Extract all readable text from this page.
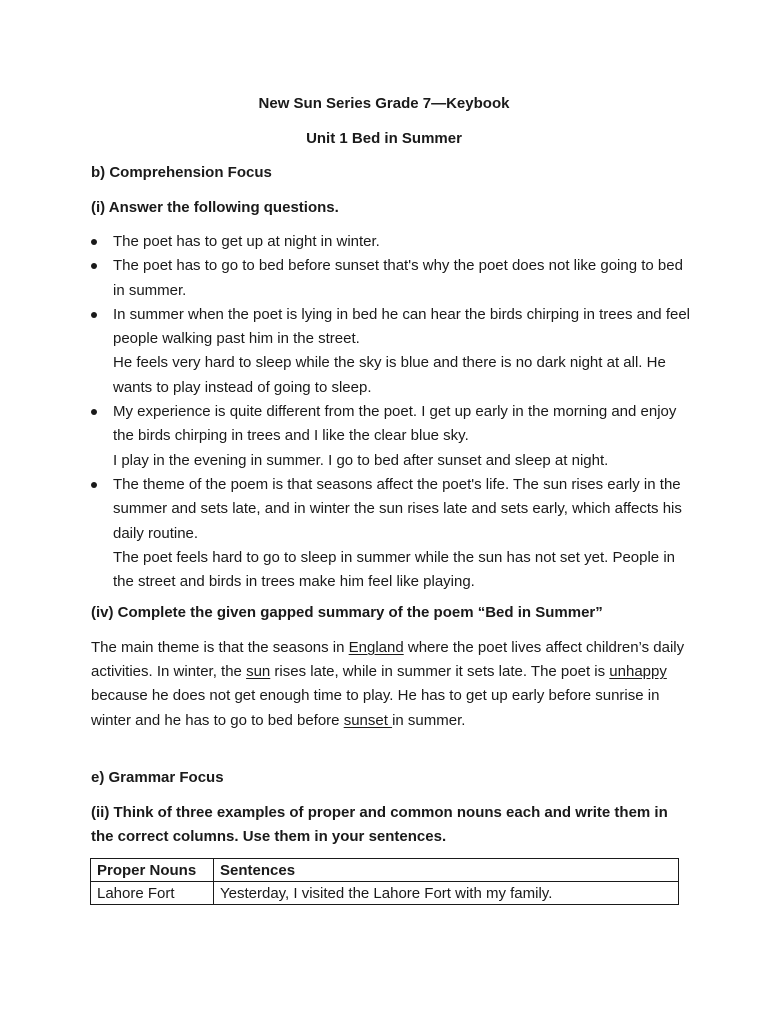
New Sun Series Grade 7—Keybook
Unit 1 Bed in Summer
b) Comprehension Focus
(i) Answer the following questions.

The poet has to get up at night in winter.

The poet has to go to bed before sunset that's why the poet does not like going to bed in summer.

In summer when the poet is lying in bed he can hear the birds chirping in trees and feel people walking past him in the street.

He feels very hard to sleep while the sky is blue and there is no dark night at all. He wants to play instead of going to sleep.

My experience is quite different from the poet. I get up early in the morning and enjoy the birds chirping in trees and I like the clear blue sky.

I play in the evening in summer. I go to bed after sunset and sleep at night.

The theme of the poem is that seasons affect the poet's life. The sun rises early in the summer and sets late, and in winter the sun rises late and sets early, which affects his daily routine.

The poet feels hard to go to sleep in summer while the sun has not set yet. People in the street and birds in trees make him feel like playing.

(iv) Complete the given gapped summary of the poem “Bed in Summer”

The main theme is that the seasons in England where the poet lives affect children’s daily activities. In winter, the sun rises late, while in summer it sets late. The poet is unhappy because he does not get enough time to play. He has to get up early before sunrise in winter and he has to go to bed before sunset in summer.

e) Grammar Focus
(ii) Think of three examples of proper and common nouns each and write them in the correct columns. Use them in your sentences.
Proper Nouns	Sentences
Lahore Fort	Yesterday, I visited the Lahore Fort with my family.
